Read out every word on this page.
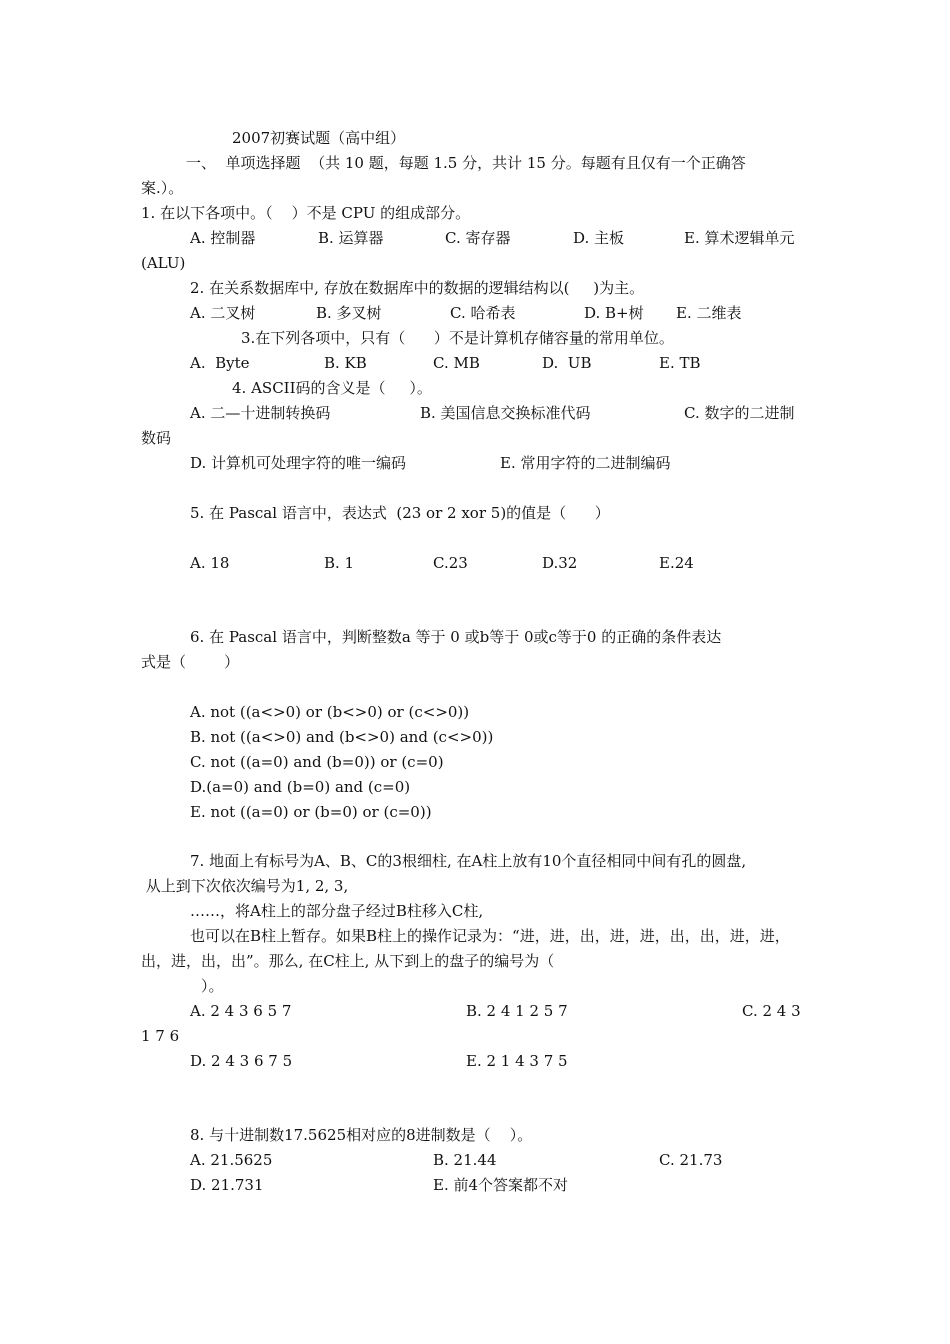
2007初赛试题（高中组）
一、  单项选择题  （共 10 题，每题 1.5 分，共计 15 分。每题有且仅有一个正确答
案.）。
1. 在以下各项中。（    ）不是 CPU 的组成部分。

A. 控制器

	B. 运算器

	C. 寄存器

	D. 主板

	E. 算术逻辑单元

(ALU)
2. 在关系数据库中, 存放在数据库中的数据的逻辑结构以(     )为主。

A. 二叉树

	B. 多叉树

	C. 哈希表

	D. B+树

E. 二维表

3.在下列各项中，只有（      ）不是计算机存储容量的常用单位。

A.  Byte

	B. KB

	C. MB

	D.  UB

	E. TB

4. ASCII码的含义是（     ）。

A. 二—十进制转换码

	B. 美国信息交换标准代码

	C. 数字的二进制

数码

D. 计算机可处理字符的唯一编码

	E. 常用字符的二进制编码

5. 在 Pascal 语言中，表达式  (23 or 2 xor 5)的值是（      ）

A. 18

	B. 1

	C.23

	D.32

	E.24

6. 在 Pascal 语言中，判断整数a 等于 0 或b等于 0或c等于0 的正确的条件表达
式是（        ）
A. not ((a<>0) or (b<>0) or (c<>0))
B. not ((a<>0) and (b<>0) and (c<>0))
C. not ((a=0) and (b=0)) or (c=0)
D.(a=0) and (b=0) and (c=0)
E. not ((a=0) or (b=0) or (c=0))
7. 地面上有标号为A、B、C的3根细柱, 在A柱上放有10个直径相同中间有孔的圆盘,
从上到下次依次编号为1, 2, 3,
……，将A柱上的部分盘子经过B柱移入C柱,
也可以在B柱上暂存。如果B柱上的操作记录为：“进，进，出，进，进，出，出，进，进，
出，进，出，出”。那么, 在C柱上, 从下到上的盘子的编号为（
）。

A. 2 4 3 6 5 7

	B. 2 4 1 2 5 7

	C. 2 4 3

1 7 6

D. 2 4 3 6 7 5

	E. 2 1 4 3 7 5

8. 与十进制数17.5625相对应的8进制数是（    ）。

A. 21.5625

	B. 21.44

	C. 21.73

D. 21.731

	E. 前4个答案都不对
